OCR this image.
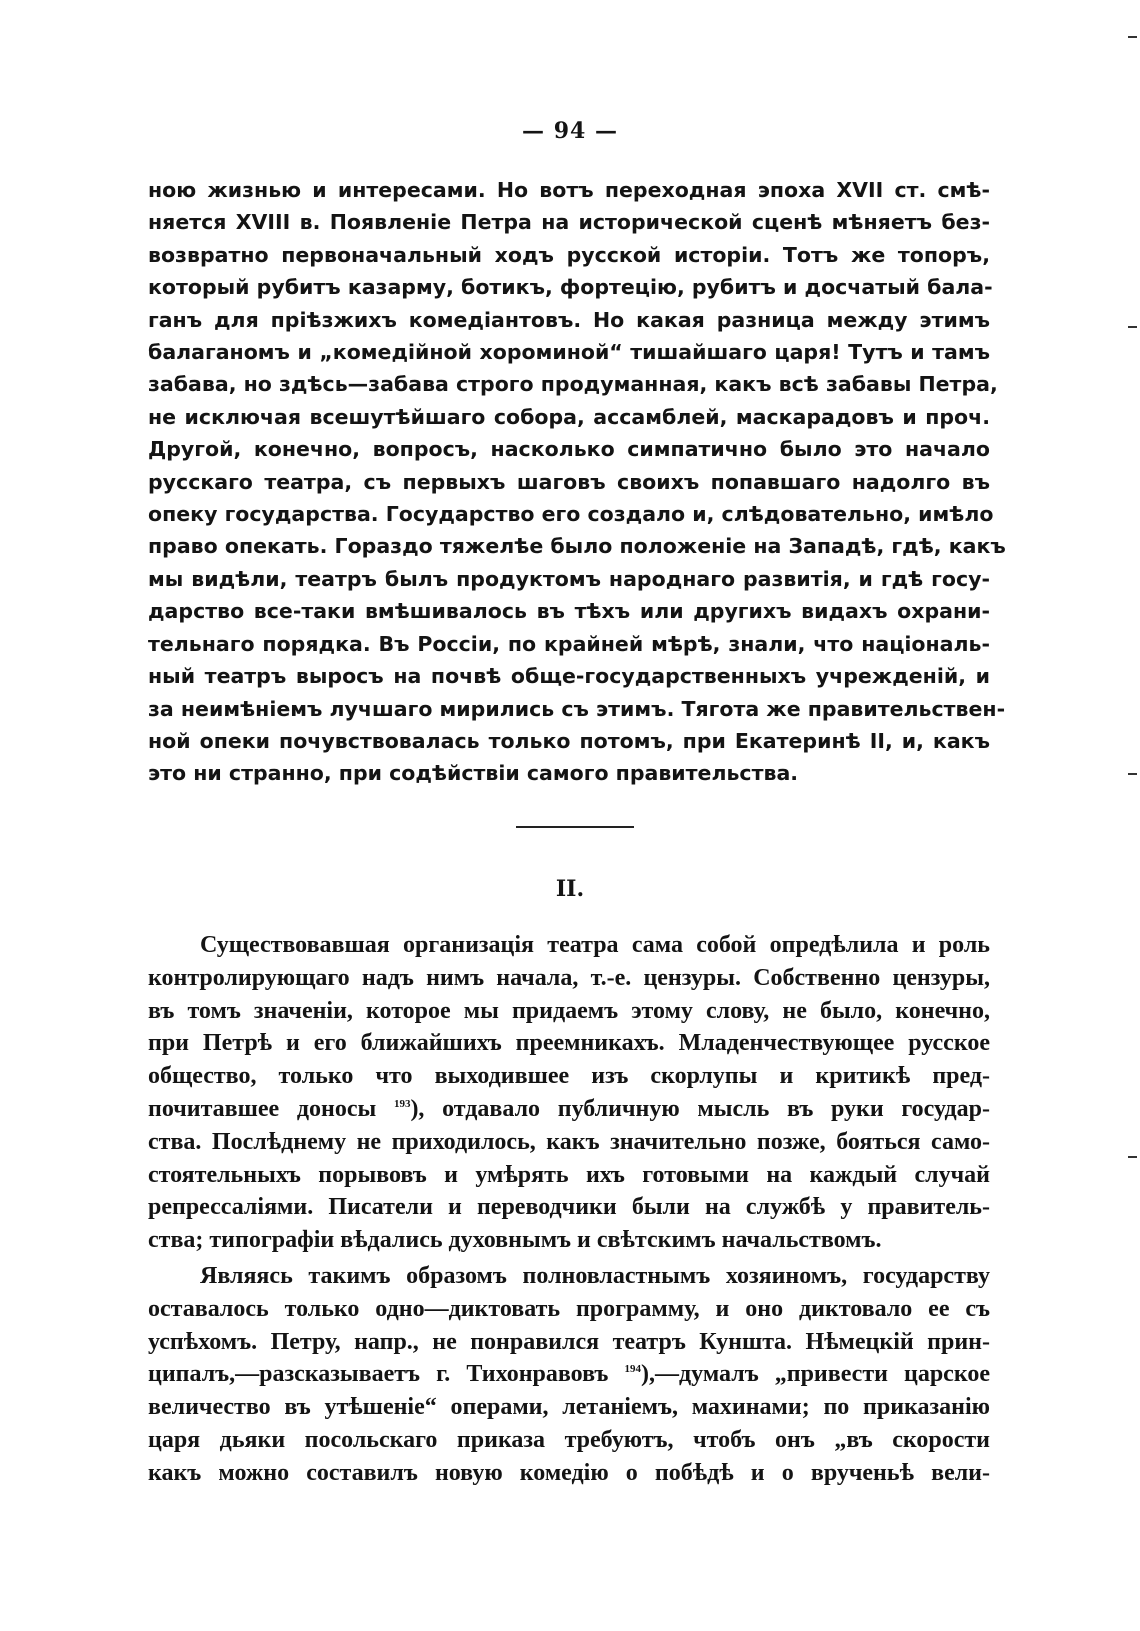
— 94 —

ною жизнью и интересами. Но вотъ переходная эпоха XVII ст. смѣ-
няется XVIII в. Появленіе Петра на исторической сценѣ мѣняетъ без-
возвратно первоначальный ходъ русской исторіи. Тотъ же топоръ,
который рубитъ казарму, ботикъ, фортецію, рубитъ и досчатый бала-
ганъ для пріѣзжихъ комедіантовъ. Но какая разница между этимъ
балаганомъ и „комедійной хороминой“ тишайшаго царя! Тутъ и тамъ
забава, но здѣсь—забава строго продуманная, какъ всѣ забавы Петра,
не исключая всешутѣйшаго собора, ассамблей, маскарадовъ и проч.
Другой, конечно, вопросъ, насколько симпатично было это начало
русскаго театра, съ первыхъ шаговъ своихъ попавшаго надолго въ
опеку государства. Государство его создало и, слѣдовательно, имѣло
право опекать. Гораздо тяжелѣе было положеніе на Западѣ, гдѣ, какъ
мы видѣли, театръ былъ продуктомъ народнаго развитія, и гдѣ госу-
дарство все-таки вмѣшивалось въ тѣхъ или другихъ видахъ охрани-
тельнаго порядка. Въ Россіи, по крайней мѣрѣ, знали, что національ-
ный театръ выросъ на почвѣ обще-государственныхъ учрежденій, и
за неимѣніемъ лучшаго мирились съ этимъ. Тягота же правительствен-
ной опеки почувствовалась только потомъ, при Екатеринѣ II, и, какъ
это ни странно, при содѣйствіи самого правительства.

II.

Существовавшая организація театра сама собой опредѣлила и роль
контролирующаго надъ нимъ начала, т.-е. цензуры. Собственно цензуры,
въ томъ значеніи, которое мы придаемъ этому слову, не было, конечно,
при Петрѣ и его ближайшихъ преемникахъ. Младенчествующее русское
общество, только что выходившее изъ скорлупы и критикѣ пред-
почитавшее доносы $^{193}$), отдавало публичную мысль въ руки государ-
ства. Послѣднему не приходилось, какъ значительно позже, бояться само-
стоятельныхъ порывовъ и умѣрять ихъ готовыми на каждый случай
репрессаліями. Писатели и переводчики были на службѣ у правитель-
ства; типографіи вѣдались духовнымъ и свѣтскимъ начальствомъ.

Являясь такимъ образомъ полновластнымъ хозяиномъ, государству
оставалось только одно—диктовать программу, и оно диктовало ее съ
успѣхомъ. Петру, напр., не понравился театръ Кунштa. Нѣмецкій прин-
ципалъ,—разсказываетъ г. Тихонравовъ $^{194}$),—думалъ „привести царское
величество въ утѣшеніе“ операми, летаніемъ, махинами; по приказанію
царя дьяки посольскаго приказа требуютъ, чтобъ онъ „въ скорости
какъ можно составилъ новую комедію о побѣдѣ и о врученьѣ вели-
